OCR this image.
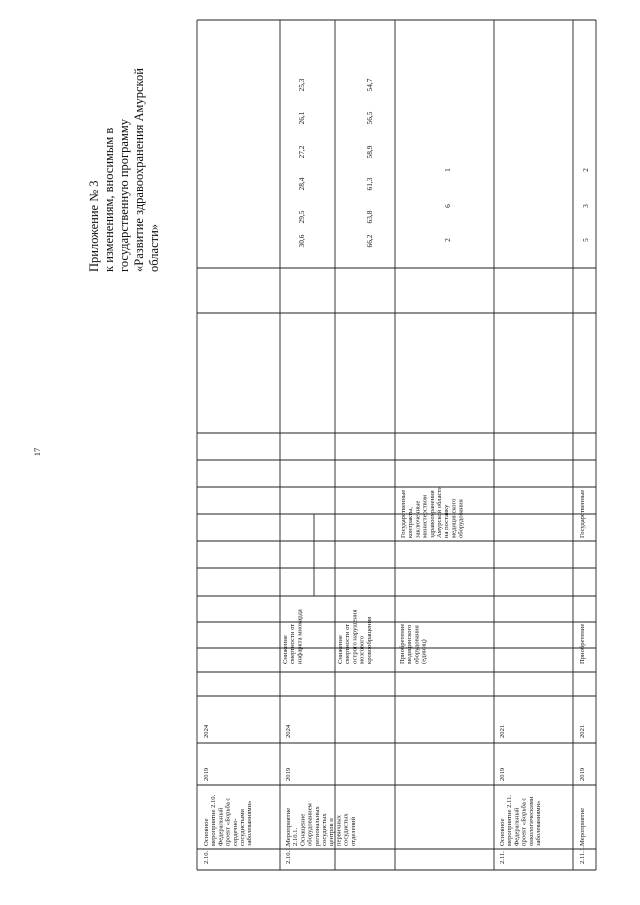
2.10.
Основное мероприятие 2.10. Федеральный проект «Борьба с сердечно- сосудистыми заболеваниями»
2019
2024
2.10.1.
Мероприятие 2.10.1. Оснащение оборудованием региональных сосудистых центров и первичных сосудистых отделений
2019
2024
Снижение смертности от инфаркта миокарда
30,6
29,5
28,4
27,2
26,1
25,3
Снижение смертности от острого нарушения мозгового кровообращения
66,2
63,8
61,3
58,9
56,5
54,7
Приобретение медицинского оборудования (единиц)
Государственные контракты, заключенные министерством здравоохранения Амурской области на поставку медицинского оборудования
2
6
1
2.11.
Основное мероприятие 2.11. Федеральный проект «Борьба с онкологическими заболеваниями»
2019
2021
2.11.1.
Мероприятие
2019
2021
Приобретение
Государственные
5
3
2
17
Приложение № 3 к изменениям, вносимым в государственную программу «Развитие здравоохранения Амурской области»
